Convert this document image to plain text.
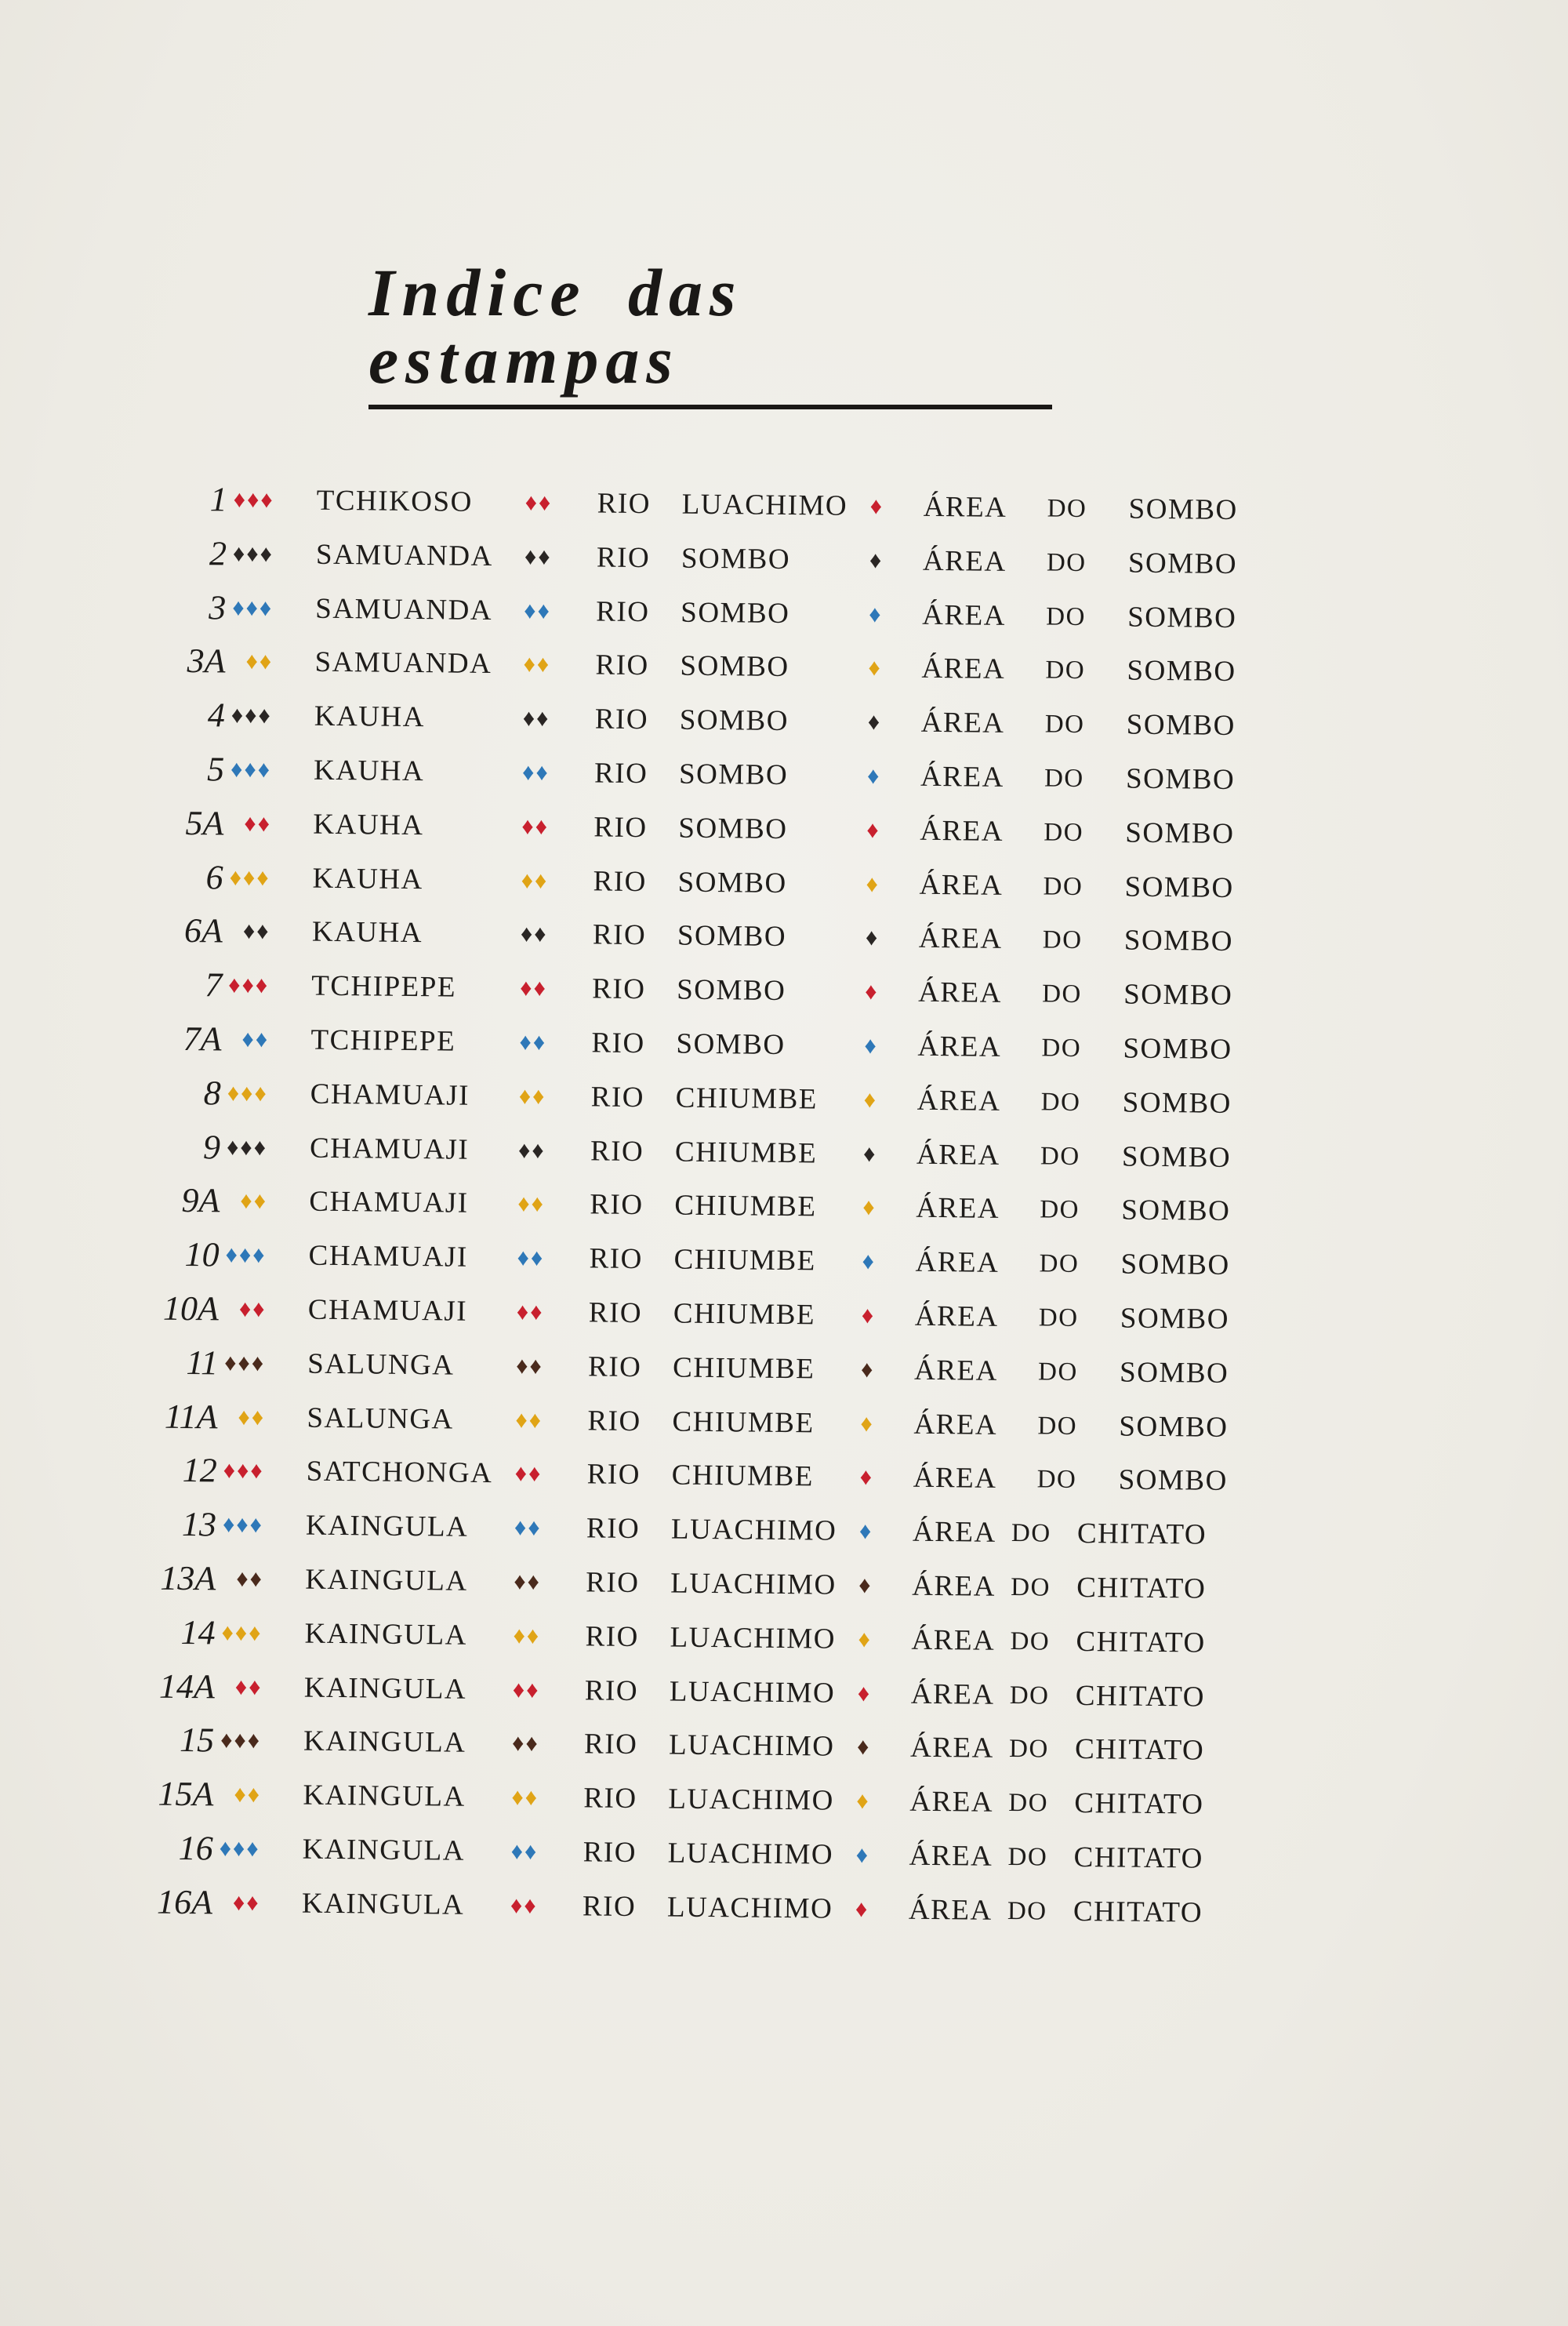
Indice das estampas
1 ♦♦♦ TCHIKOSO ♦♦ RIO LUACHIMO ♦ ÁREA DO SOMBO
2 ♦♦♦ SAMUANDA ♦♦ RIO SOMBO	♦ ÁREA DO SOMBO
3 ♦♦♦ SAMUANDA ♦♦ RIO SOMBO	♦ ÁREA DO SOMBO
3A ♦♦ SAMUANDA ♦♦ RIO SOMBO	♦ ÁREA DO SOMBO
4 ♦♦♦ KAUHA	♦♦ RIO SOMBO	♦ ÁREA DO SOMBO
5 ♦♦♦ KAUHA	♦♦ RIO SOMBO	♦ ÁREA DO SOMBO
5A ♦♦ KAUHA	♦♦ RIO SOMBO	♦ ÁREA DO SOMBO
6 ♦♦♦ KAUHA	♦♦ RIO SOMBO	♦ ÁREA DO SOMBO
6A ♦♦ KAUHA	♦♦ RIO SOMBO	♦ ÁREA DO SOMBO
7 ♦♦♦ TCHIPEPE	♦♦ RIO SOMBO	♦ ÁREA DO SOMBO
7A ♦♦ TCHIPEPE	♦♦ RIO SOMBO	♦ ÁREA DO SOMBO
8 ♦♦♦ CHAMUAJI ♦♦ RIO CHIUMBE ♦ ÁREA DO SOMBO
9 ♦♦♦ CHAMUAJI ♦♦ RIO CHIUMBE ♦ ÁREA DO SOMBO
9A ♦♦ CHAMUAJI ♦♦ RIO CHIUMBE ♦ ÁREA DO SOMBO
10 ♦♦♦ CHAMUAJI ♦♦ RIO CHIUMBE ♦ ÁREA DO SOMBO
10A ♦♦ CHAMUAJI ♦♦ RIO CHIUMBE ♦ ÁREA DO SOMBO
11 ♦♦♦ SALUNGA	♦♦ RIO CHIUMBE ♦ ÁREA DO SOMBO
11A ♦♦ SALUNGA	♦♦ RIO CHIUMBE ♦ ÁREA DO SOMBO
12 ♦♦♦ SATCHONGA ♦♦ RIO CHIUMBE ♦ ÁREA DO SOMBO
13 ♦♦♦ KAINGULA ♦♦ RIO LUACHIMO ♦ ÁREA DO CHITATO
13A ♦♦ KAINGULA ♦♦ RIO LUACHIMO ♦ ÁREA DO CHITATO
14 ♦♦♦ KAINGULA ♦♦ RIO LUACHIMO ♦ ÁREA DO CHITATO
14A ♦♦ KAINGULA ♦♦ RIO LUACHIMO ♦ ÁREA DO CHITATO
15 ♦♦♦ KAINGULA ♦♦ RIO LUACHIMO ♦ ÁREA DO CHITATO
15A ♦♦ KAINGULA ♦♦ RIO LUACHIMO ♦ ÁREA DO CHITATO
16 ♦♦♦ KAINGULA ♦♦ RIO LUACHIMO ♦ ÁREA DO CHITATO
16A ♦♦ KAINGULA ♦♦ RIO LUACHIMO ♦ ÁREA DO CHITATO
